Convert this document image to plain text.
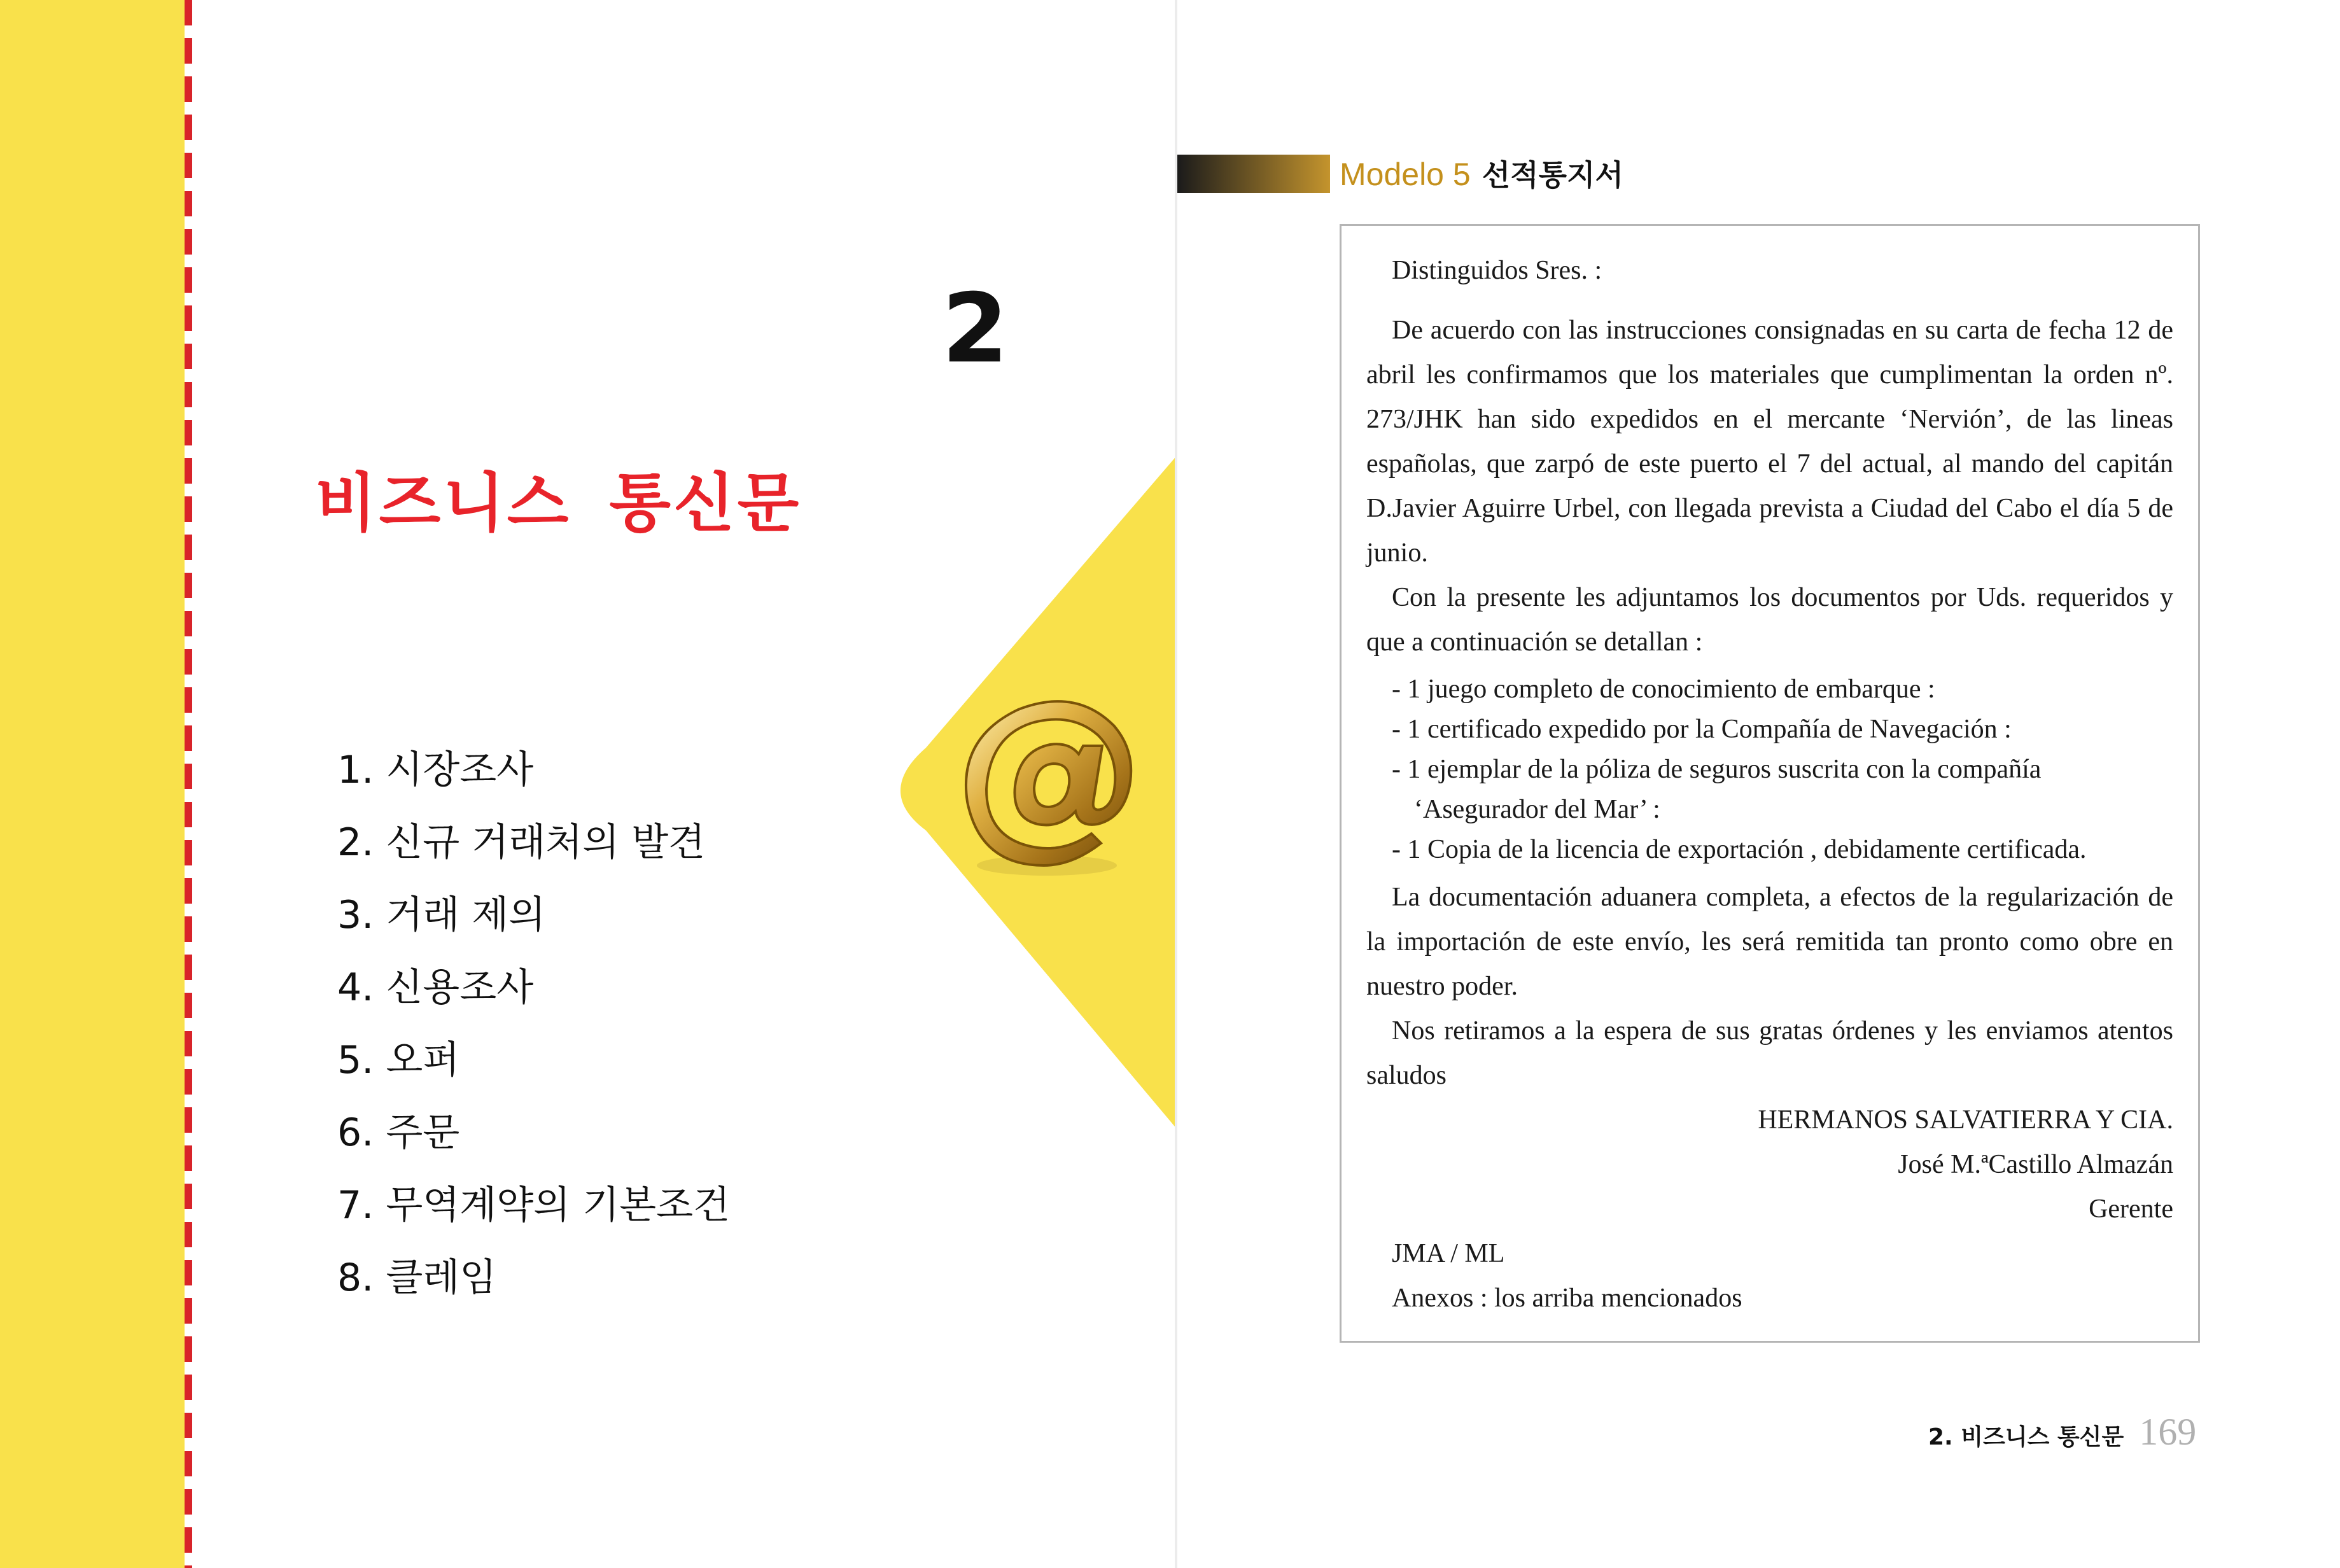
2
비즈니스 통신문
1. 시장조사
2. 신규 거래처의 발견
3. 거래 제의
4. 신용조사
5. 오퍼
6. 주문
7. 무역계약의 기본조건
8. 클레임
Modelo 5 선적통지서

Distinguidos Sres. :

De acuerdo con las instrucciones consignadas en su carta de fecha 12 de abril les confirmamos que los materiales que cumplimentan la orden nº. 273/JHK han sido expedidos en el mercante ‘Nervión’, de las lineas españolas, que zarpó de este puerto el 7 del actual, al mando del capitán D.Javier Aguirre Urbel, con llegada prevista a Ciudad del Cabo el día 5 de junio.

Con la presente les adjuntamos los documentos por Uds. requeridos y que a continuación se detallan :

- 1 juego completo de conocimiento de embarque :
- 1 certificado expedido por la Compañía de Navegación :
- 1 ejemplar de la póliza de seguros suscrita con la compañía
‘Asegurador del Mar’ :
- 1 Copia de la licencia de exportación , debidamente certificada.

La documentación aduanera completa, a efectos de la regularización de la importación de este envío, les será remitida tan pronto como obre en nuestro poder.

Nos retiramos a la espera de sus gratas órdenes y les enviamos atentos saludos

HERMANOS SALVATIERRA Y CIA.

José M.ªCastillo Almazán

Gerente

JMA / ML

Anexos : los arriba mencionados

2. 비즈니스 통신문 169
